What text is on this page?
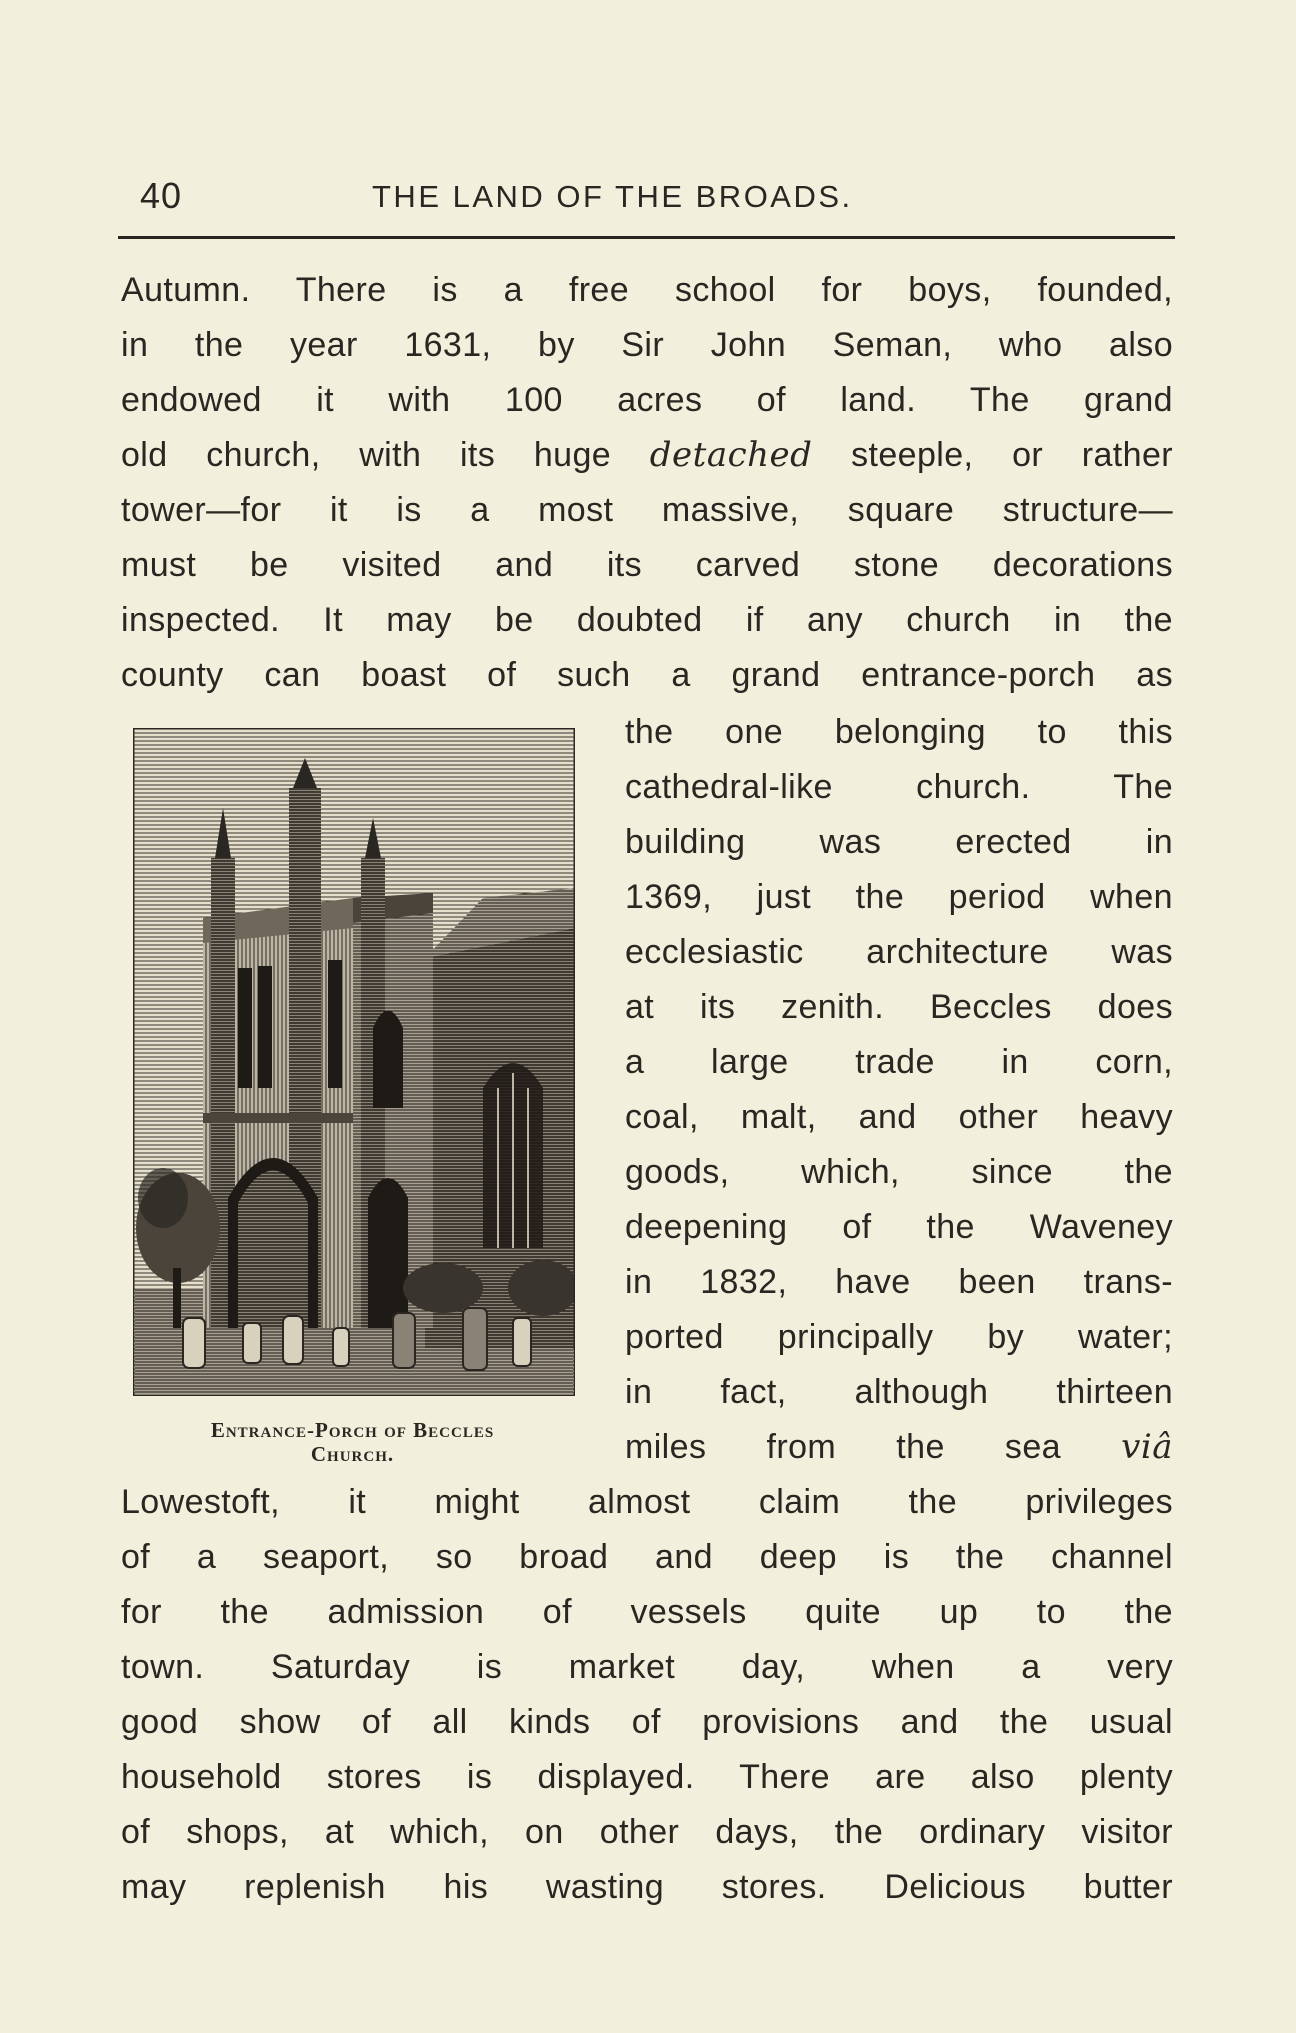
40	THE LAND OF THE BROADS.
Autumn. There is a free school for boys, founded,
in the year 1631, by Sir John Seman, who also
endowed it with 100 acres of land. The grand
old church, with its huge detached steeple, or rather
tower—for it is a most massive, square structure—
must be visited and its carved stone decorations
inspected. It may be doubted if any church in the
county can boast of such a grand entrance-porch as
Entrance-Porch of Beccles
Church.
the one belonging to this
cathedral-like church. The
building was erected in
1369, just the period when
ecclesiastic architecture was
at its zenith. Beccles does
a large trade in corn,
coal, malt, and other heavy
goods, which, since the
deepening of the Waveney
in 1832, have been trans-
ported principally by water;
in fact, although thirteen
miles from the sea viâ
Lowestoft, it might almost claim the privileges
of a seaport, so broad and deep is the channel
for the admission of vessels quite up to the
town. Saturday is market day, when a very
good show of all kinds of provisions and the usual
household stores is displayed. There are also plenty
of shops, at which, on other days, the ordinary visitor
may replenish his wasting stores. Delicious butter
